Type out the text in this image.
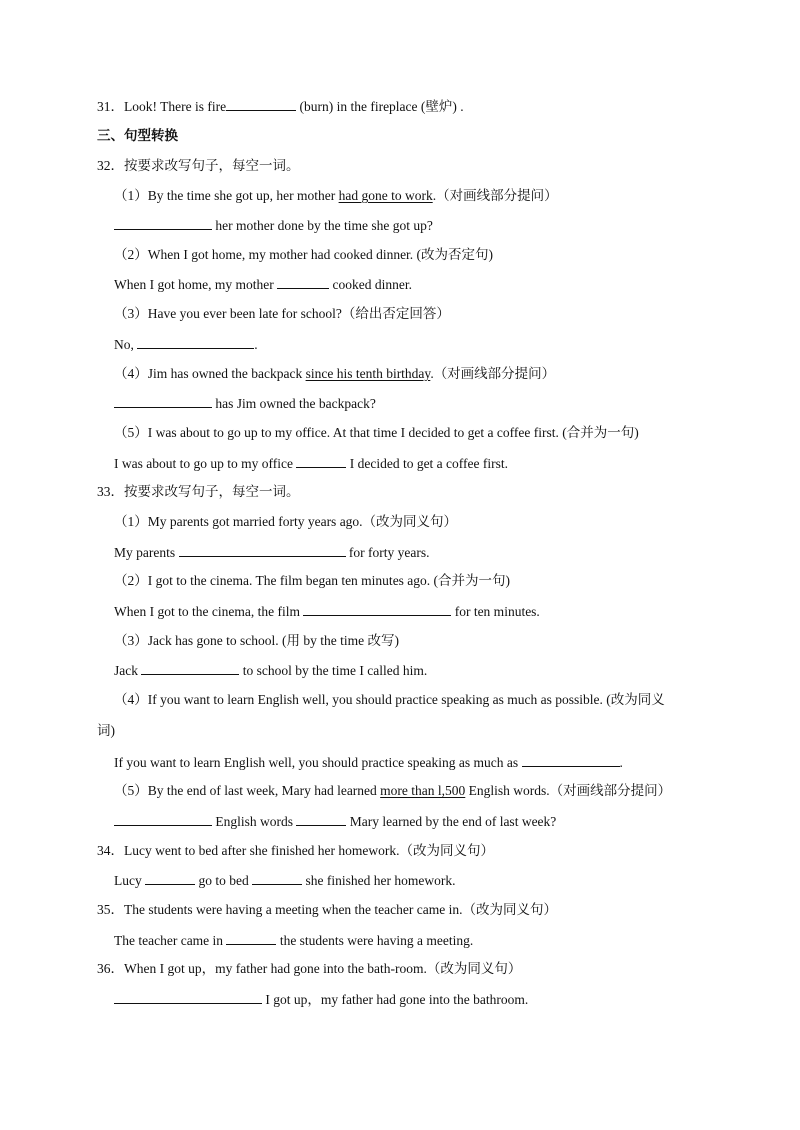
31．Look! There is fire	(burn) in the fireplace (壁炉) .
三、句型转换
32．按要求改写句子，每空一词。
（1）By the time she got up, her mother had gone to work.（对画线部分提问）
her mother done by the time she got up?
（2）When I got home, my mother had cooked dinner. (改为否定句)
When I got home, my mother	cooked dinner.
（3）Have you ever been late for school?（给出否定回答）
No,	.
（4）Jim has owned the backpack since his tenth birthday.（对画线部分提问）
has Jim owned the backpack?
（5）I was about to go up to my office. At that time I decided to get a coffee first. (合并为一句)
I was about to go up to my office	I decided to get a coffee first.
33．按要求改写句子，每空一词。
（1）My parents got married forty years ago.（改为同义句）
My parents	for forty years.
（2）I got to the cinema. The film began ten minutes ago. (合并为一句)
When I got to the cinema, the film	for ten minutes.
（3）Jack has gone to school. (用 by the time 改写)
Jack	to school by the time I called him.
（4）If you want to learn English well, you should practice speaking as much as possible. (改为同义
词)
If you want to learn English well, you should practice speaking as much as	.
（5）By the end of last week, Mary had learned more than l,500 English words.（对画线部分提问）
English words	Mary learned by the end of last week?
34．Lucy went to bed after she finished her homework.（改为同义句）
Lucy	go to bed	she finished her homework.
35．The students were having a meeting when the teacher came in.（改为同义句）
The teacher came in	the students were having a meeting.
36．When I got up，my father had gone into the bath-room.（改为同义句）
I got up，my father had gone into the bathroom.
